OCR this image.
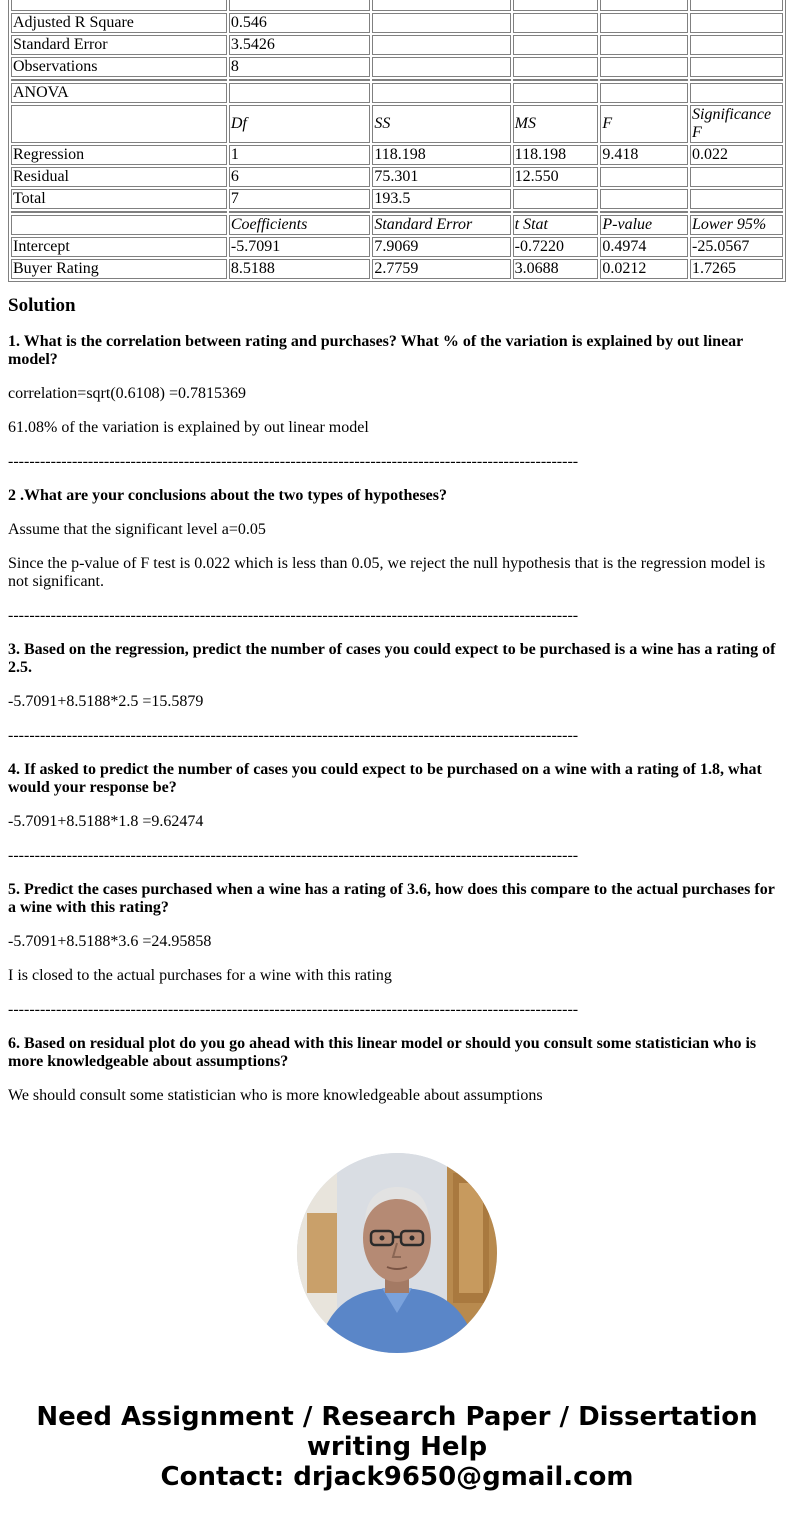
Adjusted R Square	0.546				
Standard Error	3.5426				
Observations	8				

ANOVA					
	Df	SS	MS	F	Significance F
Regression	1	118.198	118.198	9.418	0.022
Residual	6	75.301	12.550		
Total	7	193.5			

	Coefficients	Standard Error	t Stat	P-value	Lower 95%
Intercept	-5.7091	7.9069	-0.7220	0.4974	-25.0567
Buyer Rating	8.5188	2.7759	3.0688	0.0212	1.7265
Solution
1. What is the correlation between rating and purchases? What % of the variation is explained by out linear model?
correlation=sqrt(0.6108) =0.7815369
61.08% of the variation is explained by out linear model
-----------------------------------------------------------------------------------------------------------
2 .What are your conclusions about the two types of hypotheses?
Assume that the significant level a=0.05
Since the p-value of F test is 0.022 which is less than 0.05, we reject the null hypothesis that is the regression model is not significant.
-----------------------------------------------------------------------------------------------------------
3. Based on the regression, predict the number of cases you could expect to be purchased is a wine has a rating of 2.5.
-5.7091+8.5188*2.5 =15.5879
-----------------------------------------------------------------------------------------------------------
4. If asked to predict the number of cases you could expect to be purchased on a wine with a rating of 1.8, what would your response be?
-5.7091+8.5188*1.8 =9.62474
-----------------------------------------------------------------------------------------------------------
5. Predict the cases purchased when a wine has a rating of 3.6, how does this compare to the actual purchases for a wine with this rating?
-5.7091+8.5188*3.6 =24.95858
I is closed to the actual purchases for a wine with this rating
-----------------------------------------------------------------------------------------------------------
6. Based on residual plot do you go ahead with this linear model or should you consult some statistician who is more knowledgeable about assumptions?
We should consult some statistician who is more knowledgeable about assumptions
Need Assignment / Research Paper / Dissertation
writing Help
Contact: drjack9650@gmail.com
